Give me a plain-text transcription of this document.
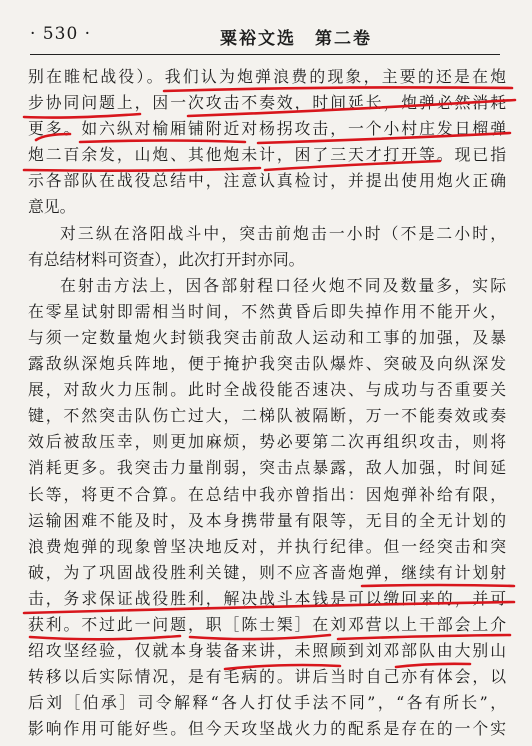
· 530 ·	粟裕文选　第二卷
别在睢杞战役）。我们认为炮弹浪费的现象，主要的还是在炮
步协同问题上，因一次攻击不奏效，时间延长，炮弹必然消耗
更多。如六纵对榆厢铺附近对杨拐攻击，一个小村庄发日榴弹
炮二百余发，山炮、其他炮未计，困了三天才打开等。现已指
示各部队在战役总结中，注意认真检讨，并提出使用炮火正确
意见。
对三纵在洛阳战斗中，突击前炮击一小时（不是二小时，
有总结材料可资查），此次打开封亦同。
在射击方法上，因各部射程口径火炮不同及数量多，实际
在零星试射即需相当时间，不然黄昏后即失掉作用不能开火，
与须一定数量炮火封锁我突击前敌人运动和工事的加强，及暴
露敌纵深炮兵阵地，便于掩护我突击队爆炸、突破及向纵深发
展，对敌火力压制。此时全战役能否速决、与成功与否重要关
键，不然突击队伤亡过大，二梯队被隔断，万一不能奏效或奏
效后被敌压幸，则更加麻烦，势必要第二次再组织攻击，则将
消耗更多。我突击力量削弱，突击点暴露，敌人加强，时间延
长等，将更不合算。在总结中我亦曾指出：因炮弹补给有限，
运输困难不能及时，及本身携带量有限等，无目的全无计划的
浪费炮弹的现象曾坚决地反对，并执行纪律。但一经突击和突
破，为了巩固战役胜利关键，则不应吝啬炮弹，继续有计划射
击，务求保证战役胜利，解决战斗本钱是可以缴回来的，并可
获利。不过此一问题，职［陈士榘］在刘邓营以上干部会上介
绍攻坚经验，仅就本身装备来讲，未照顾到刘邓部队由大别山
转移以后实际情况，是有毛病的。讲后当时自己亦有体会，以
后刘［伯承］司令解释“各人打仗手法不同”，“各有所长”，
影响作用可能好些。但今天攻坚战火力的配系是存在的一个实
